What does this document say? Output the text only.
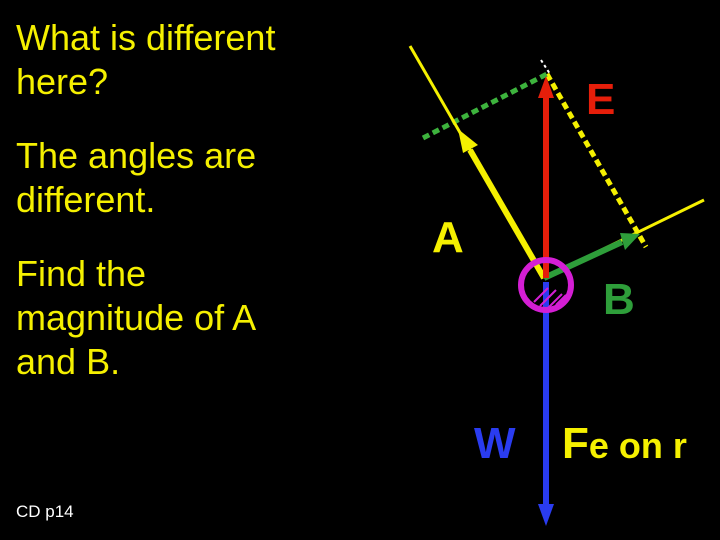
What is different
here?

The angles are
different.

Find the
magnitude of A
and B.

CD p14

E
A
B
W Fe on r
